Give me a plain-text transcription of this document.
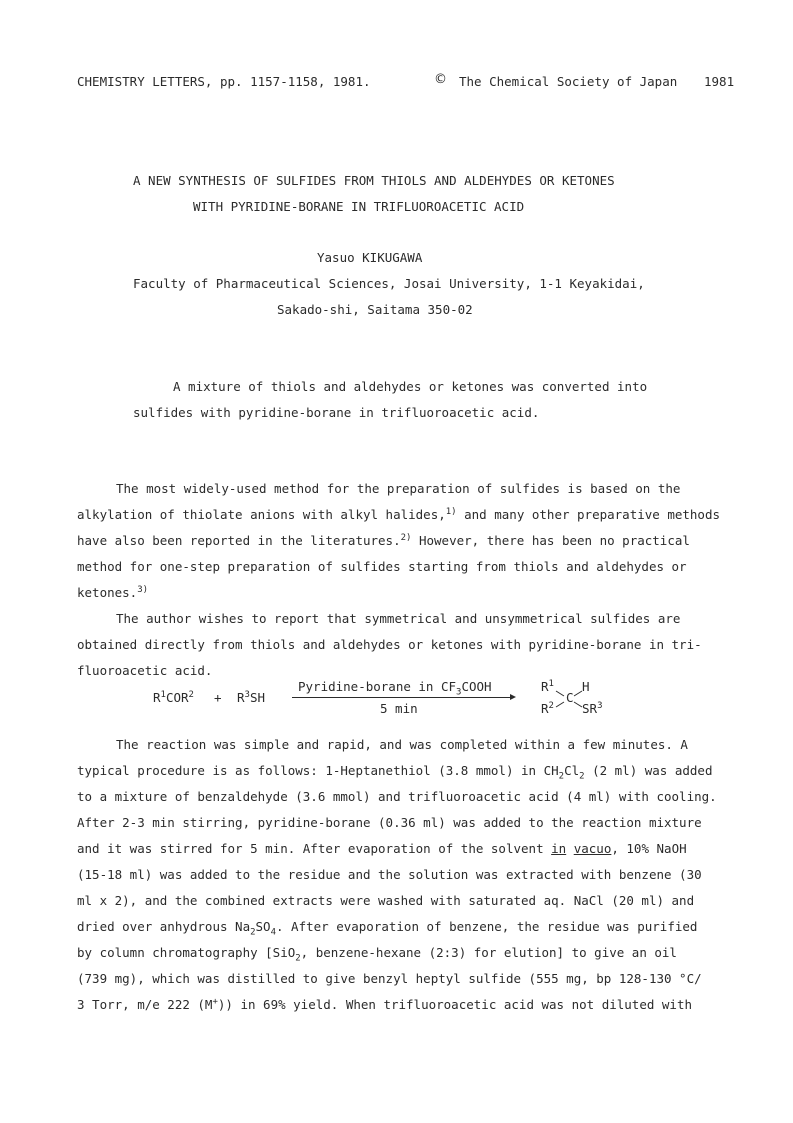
CHEMISTRY LETTERS, pp. 1157-1158, 1981.	© The Chemical Society of Japan 1981
A NEW SYNTHESIS OF SULFIDES FROM THIOLS AND ALDEHYDES OR KETONES
WITH PYRIDINE-BORANE IN TRIFLUOROACETIC ACID
Yasuo KIKUGAWA
Faculty of Pharmaceutical Sciences, Josai University, 1-1 Keyakidai,
Sakado-shi, Saitama 350-02
A mixture of thiols and aldehydes or ketones was converted into
sulfides with pyridine-borane in trifluoroacetic acid.
The most widely-used method for the preparation of sulfides is based on the
alkylation of thiolate anions with alkyl halides,$^{1)}$ and many other preparative methods
have also been reported in the literatures.$^{2)}$ However, there has been no practical
method for one-step preparation of sulfides starting from thiols and aldehydes or
ketones.$^{3)}$
The author wishes to report that symmetrical and unsymmetrical sulfides are
obtained directly from thiols and aldehydes or ketones with pyridine-borane in tri-
fluoroacetic acid.
$R^1COR^2 + R^3SH$
Pyridine-borane in $CF_3COOH$
5 min
$R^1$ H
C
$R^2$ $SR^3$
The reaction was simple and rapid, and was completed within a few minutes. A
typical procedure is as follows: 1-Heptanethiol (3.8 mmol) in $CH_2Cl_2$ (2 ml) was added
to a mixture of benzaldehyde (3.6 mmol) and trifluoroacetic acid (4 ml) with cooling.
After 2-3 min stirring, pyridine-borane (0.36 ml) was added to the reaction mixture
and it was stirred for 5 min. After evaporation of the solvent in vacuo, 10% NaOH
(15-18 ml) was added to the residue and the solution was extracted with benzene (30
ml x 2), and the combined extracts were washed with saturated aq. NaCl (20 ml) and
dried over anhydrous $Na_2SO_4$. After evaporation of benzene, the residue was purified
by column chromatography [SiO$_2$, benzene-hexane (2:3) for elution] to give an oil
(739 mg), which was distilled to give benzyl heptyl sulfide (555 mg, bp 128-130 °C/
3 Torr, m/e 222 (M+)) in 69% yield. When trifluoroacetic acid was not diluted with
